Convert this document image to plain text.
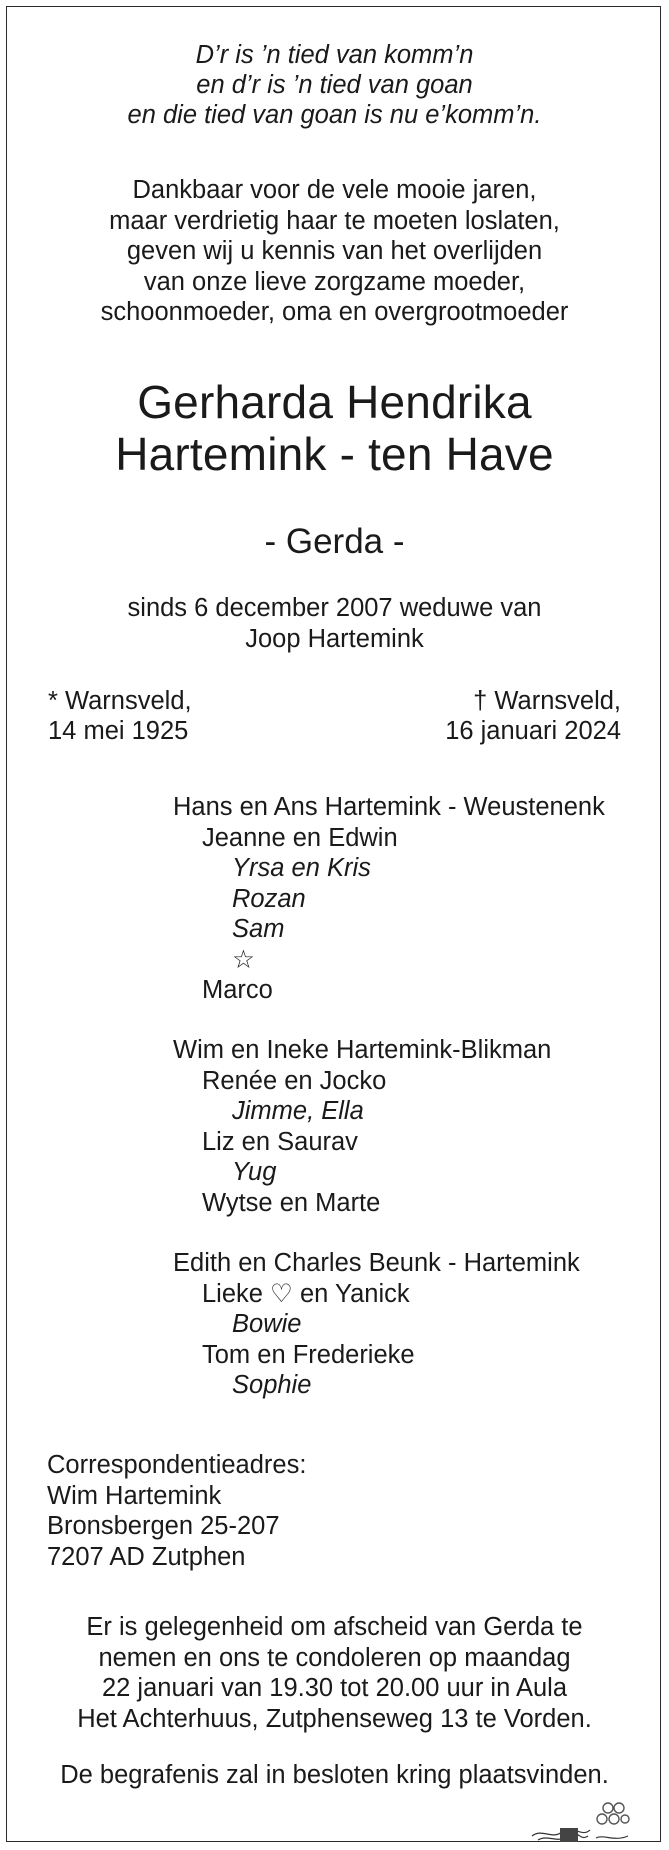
D’r is ’n tied van komm’n
en d’r is ’n tied van goan
en die tied van goan is nu e’komm’n.
Dankbaar voor de vele mooie jaren,
maar verdrietig haar te moeten loslaten,
geven wij u kennis van het overlijden
van onze lieve zorgzame moeder,
schoonmoeder, oma en overgrootmoeder
Gerharda Hendrika
Hartemink - ten Have
- Gerda -
sinds 6 december 2007 weduwe van
Joop Hartemink
* Warnsveld,
14 mei 1925
† Warnsveld,
16 januari 2024
Hans en Ans Hartemink - Weustenenk
Jeanne en Edwin
Yrsa en Kris
Rozan
Sam
☆
Marco
Wim en Ineke Hartemink-Blikman
Renée en Jocko
Jimme, Ella
Liz en Saurav
Yug
Wytse en Marte
Edith en Charles Beunk - Hartemink
Lieke ♡ en Yanick
Bowie
Tom en Frederieke
Sophie
Correspondentieadres:
Wim Hartemink
Bronsbergen 25-207
7207 AD Zutphen
Er is gelegenheid om afscheid van Gerda te
nemen en ons te condoleren op maandag
22 januari van 19.30 tot 20.00 uur in Aula
Het Achterhuus, Zutphenseweg 13 te Vorden.
De begrafenis zal in besloten kring plaatsvinden.
